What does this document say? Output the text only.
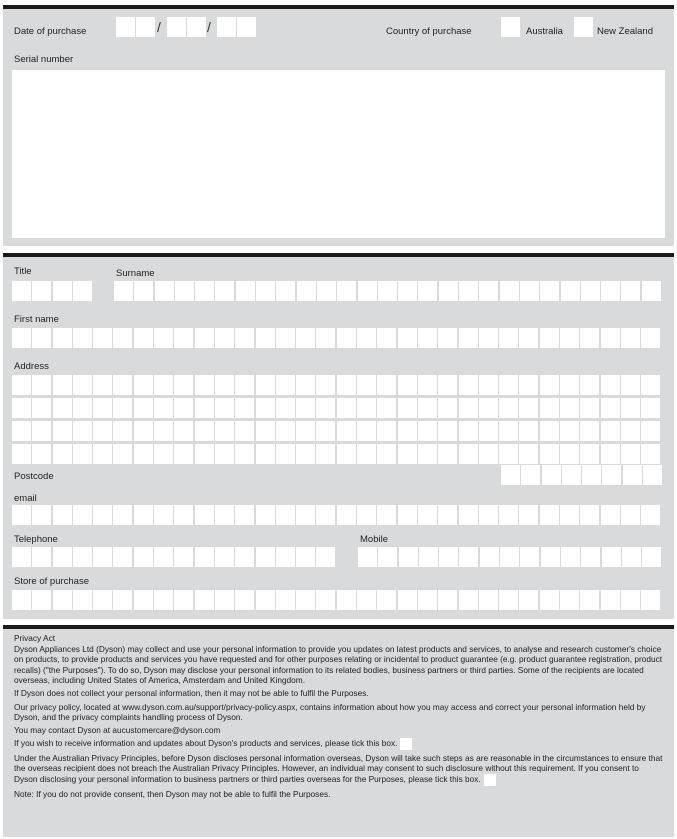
Date of purchase	/	/	Country of purchase	Australia	New Zealand
Serial number
Title	Surname
First name
Address
Postcode
email
Telephone	Mobile
Store of purchase

Privacy Act

Dyson Appliances Ltd (Dyson) may collect and use your personal information to provide you updates on latest products and services, to analyse and research customer's choice on products, to provide products and services you have requested and for other purposes relating or incidental to product guarantee (e.g. product guarantee registration, product recalls) ("the Purposes"). To do so, Dyson may disclose your personal information to its related bodies, business partners or third parties. Some of the recipients are located overseas, including United States of America, Amsterdam and United Kingdom.

If Dyson does not collect your personal information, then it may not be able to fulfil the Purposes.

Our privacy policy, located at www.dyson.com.au/support/privacy-policy.aspx, contains information about how you may access and correct your personal information held by Dyson, and the privacy complaints handling process of Dyson.

You may contact Dyson at aucustomercare@dyson.com

If you wish to receive information and updates about Dyson's products and services, please tick this box.

Under the Australian Privacy Principles, before Dyson discloses personal information overseas, Dyson will take such steps as are reasonable in the circumstances to ensure that the overseas recipient does not breach the Australian Privacy Principles. However, an individual may consent to such disclosure without this requirement. If you consent to Dyson disclosing your personal information to business partners or third parties overseas for the Purposes, please tick this box.

Note: If you do not provide consent, then Dyson may not be able to fulfil the Purposes.
